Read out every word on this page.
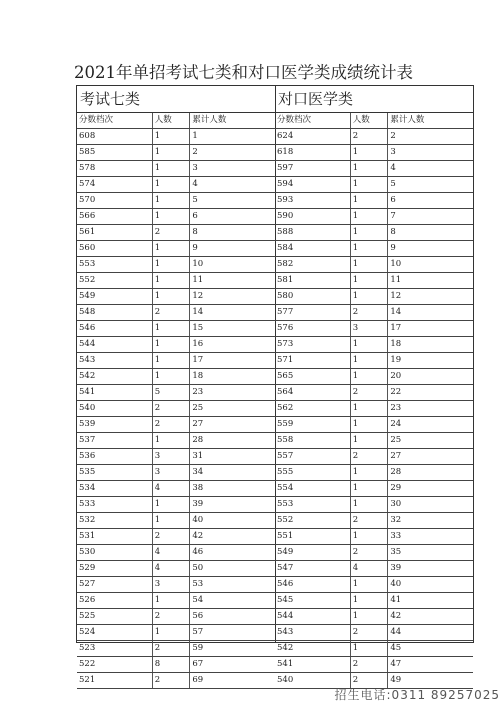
2021年单招考试七类和对口医学类成绩统计表
考试七类
分数档次	人数	累计人数
608	1	1
585	1	2
578	1	3
574	1	4
570	1	5
566	1	6
561	2	8
560	1	9
553	1	10
552	1	11
549	1	12
548	2	14
546	1	15
544	1	16
543	1	17
542	1	18
541	5	23
540	2	25
539	2	27
537	1	28
536	3	31
535	3	34
534	4	38
533	1	39
532	1	40
531	2	42
530	4	46
529	4	50
527	3	53
526	1	54
525	2	56
524	1	57
523	2	59
522	8	67
521	2	69
对口医学类
分数档次	人数	累计人数
624	2	2
618	1	3
597	1	4
594	1	5
593	1	6
590	1	7
588	1	8
584	1	9
582	1	10
581	1	11
580	1	12
577	2	14
576	3	17
573	1	18
571	1	19
565	1	20
564	2	22
562	1	23
559	1	24
558	1	25
557	2	27
555	1	28
554	1	29
553	1	30
552	2	32
551	1	33
549	2	35
547	4	39
546	1	40
545	1	41
544	1	42
543	2	44
542	1	45
541	2	47
540	2	49
招生电话:0311 89257025
